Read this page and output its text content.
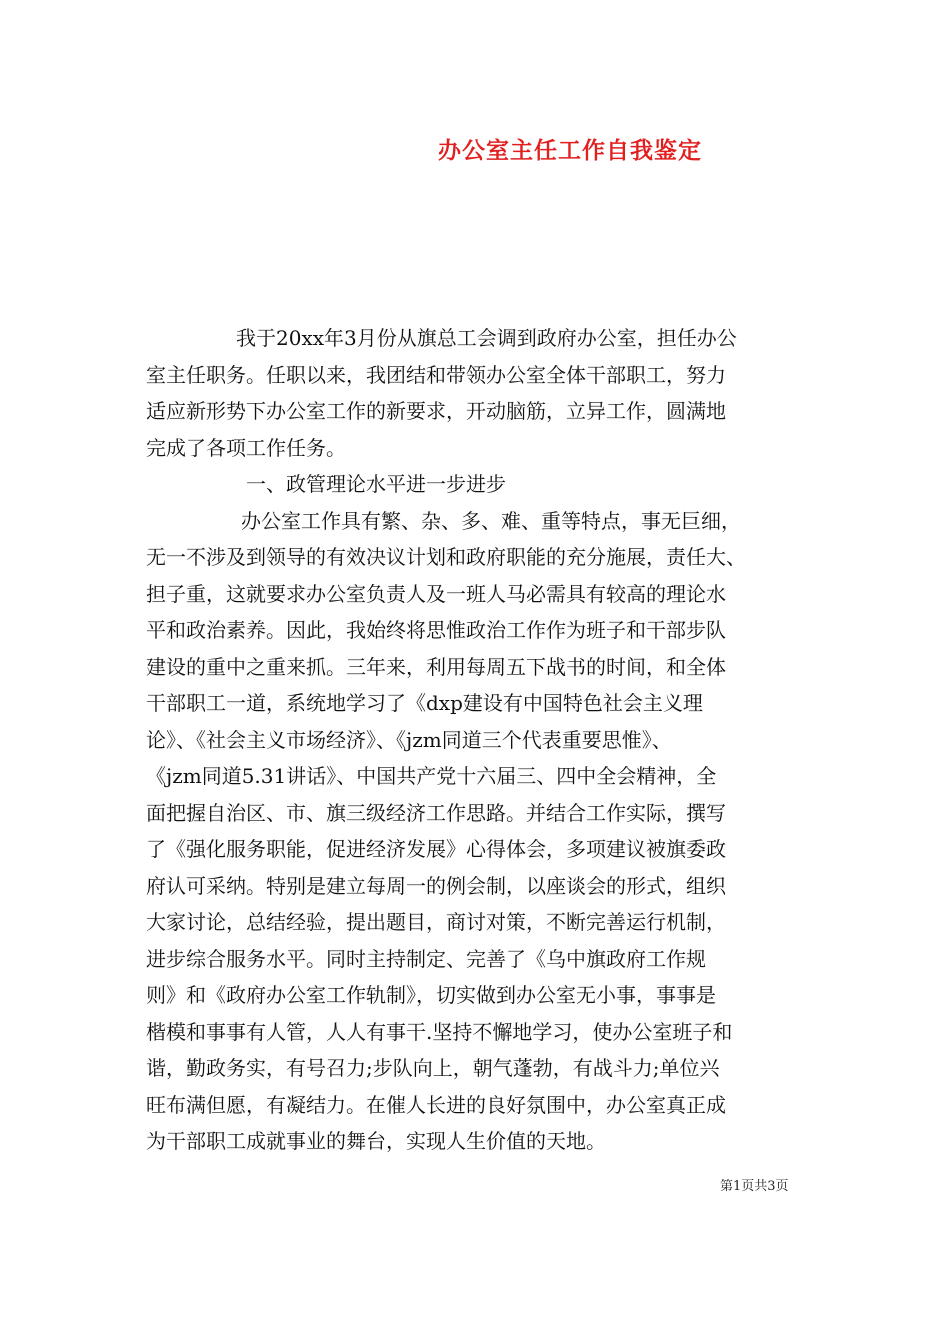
办公室主任工作自我鉴定
我于20xx年3月份从旗总工会调到政府办公室，担任办公
室主任职务。任职以来，我团结和带领办公室全体干部职工，努力
适应新形势下办公室工作的新要求，开动脑筋，立异工作，圆满地
完成了各项工作任务。
一、政管理论水平进一步进步
办公室工作具有繁、杂、多、难、重等特点，事无巨细，
无一不涉及到领导的有效决议计划和政府职能的充分施展，责任大、
担子重，这就要求办公室负责人及一班人马必需具有较高的理论水
平和政治素养。因此，我始终将思惟政治工作作为班子和干部步队
建设的重中之重来抓。三年来，利用每周五下战书的时间，和全体
干部职工一道，系统地学习了《dxp建设有中国特色社会主义理
论》、《社会主义市场经济》、《jzm同道三个代表重要思惟》、
《jzm同道5.31讲话》、中国共产党十六届三、四中全会精神，全
面把握自治区、市、旗三级经济工作思路。并结合工作实际，撰写
了《强化服务职能，促进经济发展》心得体会，多项建议被旗委政
府认可采纳。特别是建立每周一的例会制，以座谈会的形式，组织
大家讨论，总结经验，提出题目，商讨对策，不断完善运行机制，
进步综合服务水平。同时主持制定、完善了《乌中旗政府工作规
则》和《政府办公室工作轨制》，切实做到办公室无小事，事事是
楷模和事事有人管，人人有事干.坚持不懈地学习，使办公室班子和
谐，勤政务实，有号召力;步队向上，朝气蓬勃，有战斗力;单位兴
旺布满但愿，有凝结力。在催人长进的良好氛围中，办公室真正成
为干部职工成就事业的舞台，实现人生价值的天地。
第1页共3页
